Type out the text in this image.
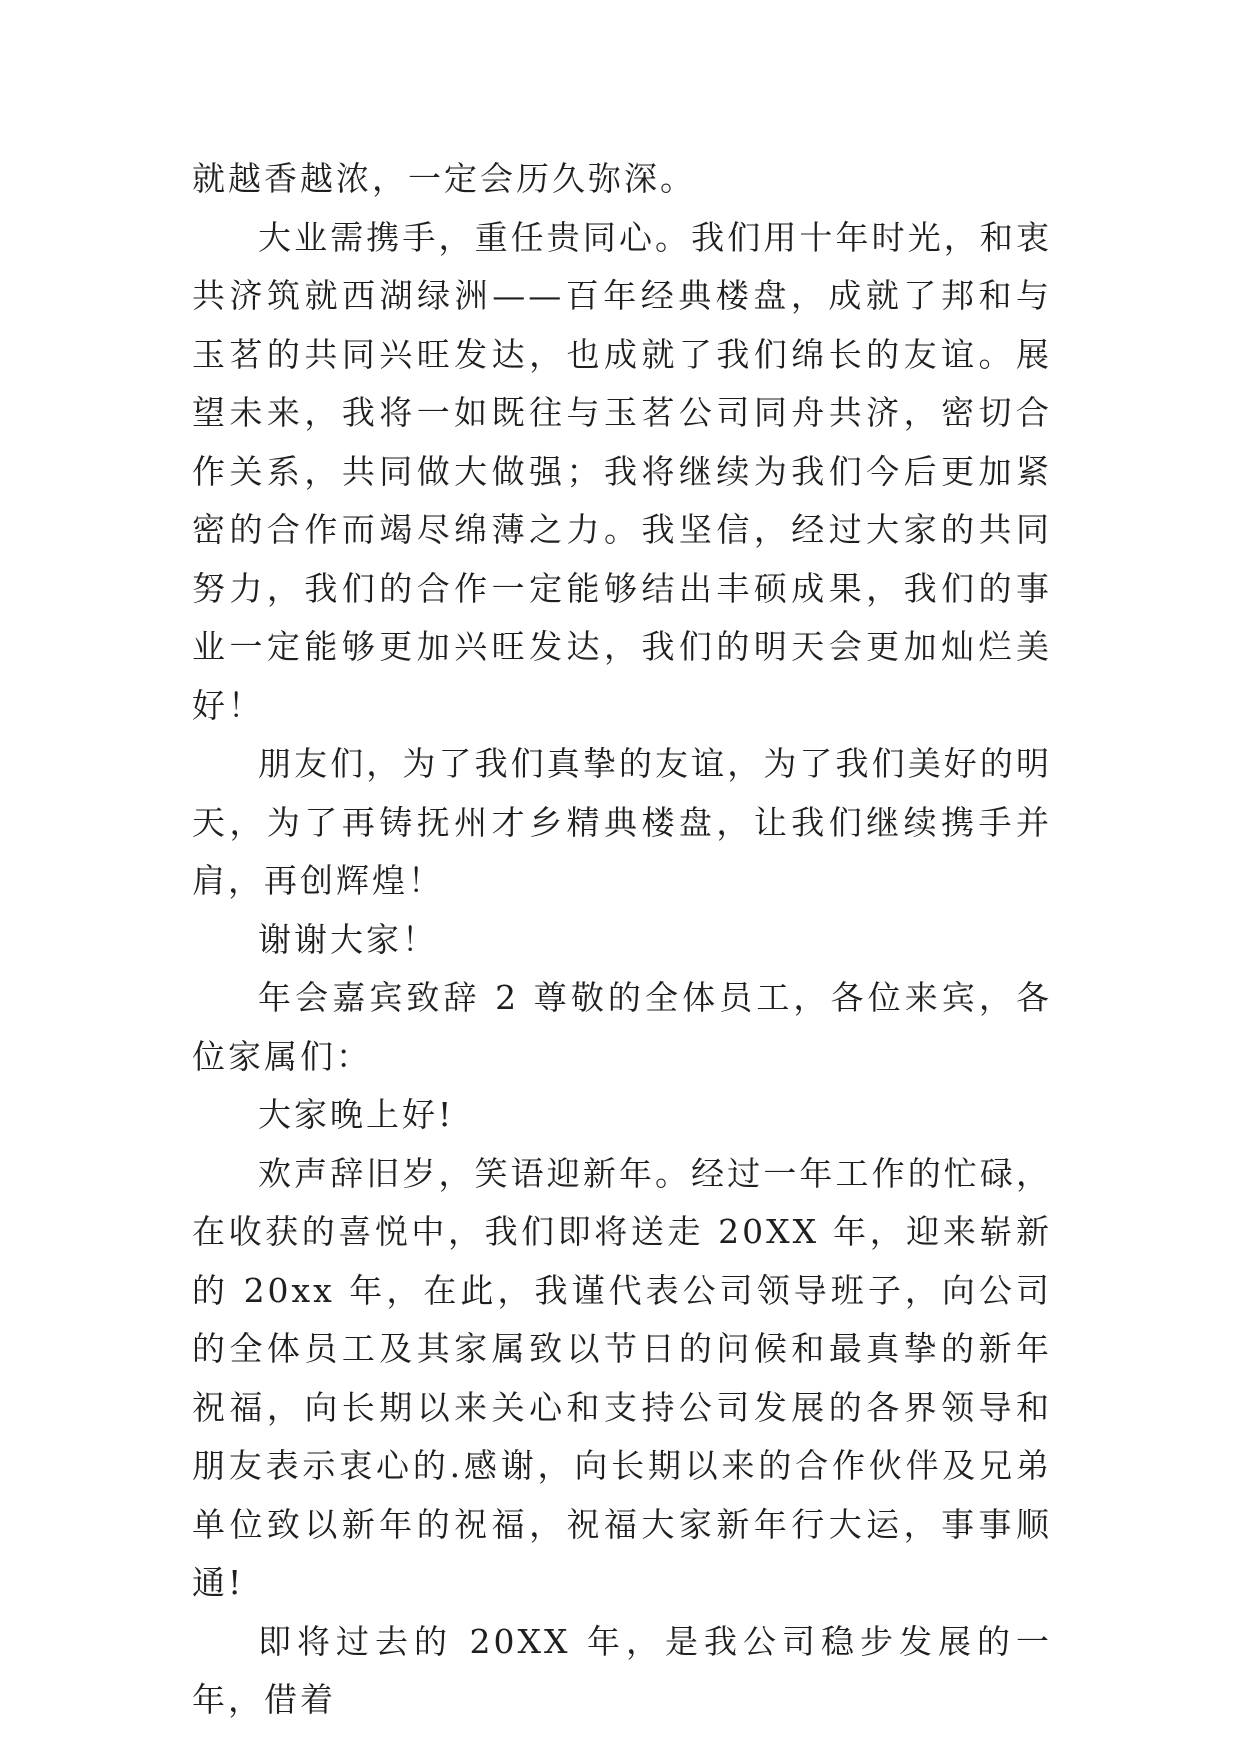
就越香越浓，一定会历久弥深。

大业需携手，重任贵同心。我们用十年时光，和衷共济筑就西湖绿洲——百年经典楼盘，成就了邦和与玉茗的共同兴旺发达，也成就了我们绵长的友谊。展望未来，我将一如既往与玉茗公司同舟共济，密切合作关系，共同做大做强；我将继续为我们今后更加紧密的合作而竭尽绵薄之力。我坚信，经过大家的共同努力，我们的合作一定能够结出丰硕成果，我们的事业一定能够更加兴旺发达，我们的明天会更加灿烂美好！

朋友们，为了我们真挚的友谊，为了我们美好的明天，为了再铸抚州才乡精典楼盘，让我们继续携手并肩，再创辉煌！

谢谢大家！

年会嘉宾致辞 2 尊敬的全体员工，各位来宾，各位家属们：

大家晚上好!

欢声辞旧岁，笑语迎新年。经过一年工作的忙碌，在收获的喜悦中，我们即将送走 20XX 年，迎来崭新的 20xx 年，在此，我谨代表公司领导班子，向公司的全体员工及其家属致以节日的问候和最真挚的新年祝福，向长期以来关心和支持公司发展的各界领导和朋友表示衷心的.感谢，向长期以来的合作伙伴及兄弟单位致以新年的祝福，祝福大家新年行大运，事事顺通!

即将过去的 20XX 年，是我公司稳步发展的一年，借着
